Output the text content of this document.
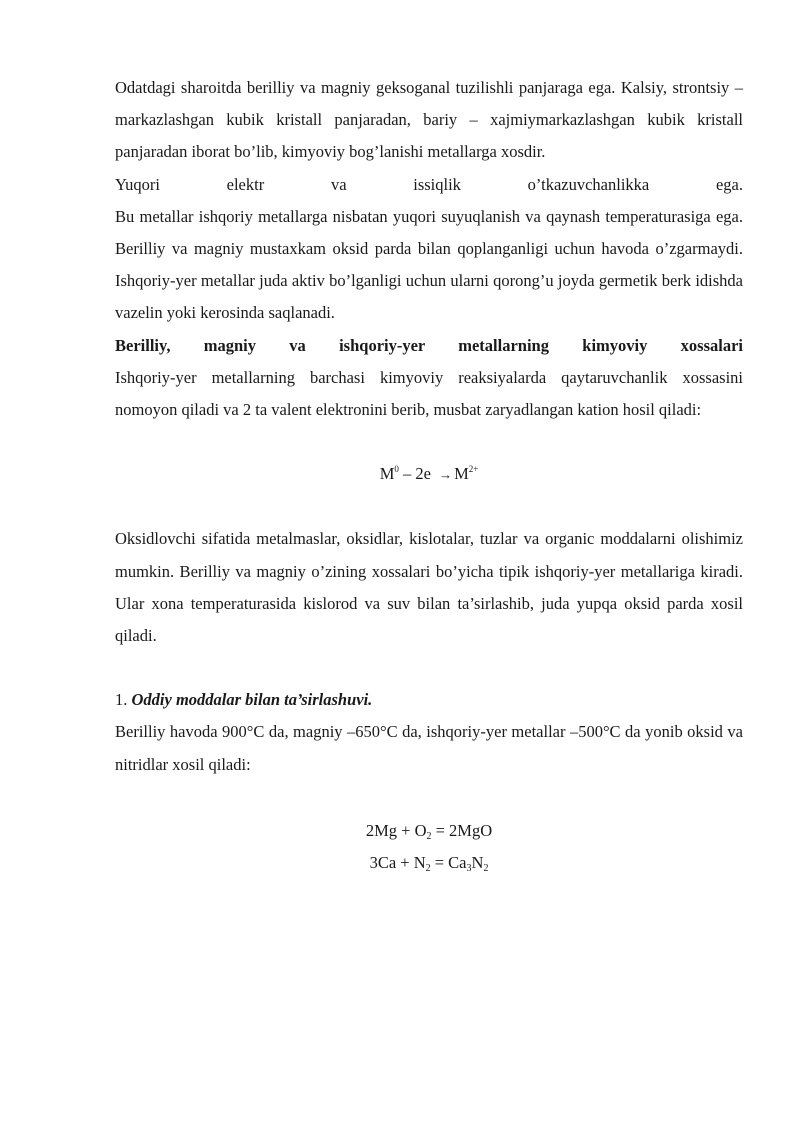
Odatdagi sharoitda berilliy va magniy geksoganal tuzilishli panjaraga ega. Kalsiy, strontsiy – markazlashgan kubik kristall panjaradan, bariy – xajmiymarkazlashgan kubik kristall panjaradan iborat bo’lib, kimyoviy bog’lanishi metallarga xosdir.

Yuqori elektr va issiqlik o’tkazuvchanlikka ega.

Bu metallar ishqoriy metallarga nisbatan yuqori suyuqlanish va qaynash temperaturasiga ega. Berilliy va magniy mustaxkam oksid parda bilan qoplanganligi uchun havoda o’zgarmaydi. Ishqoriy-yer metallar juda aktiv bo’lganligi uchun ularni qorong’u joyda germetik berk idishda vazelin yoki kerosinda saqlanadi.

Berilliy, magniy va ishqoriy-yer metallarning kimyoviy xossalari

Ishqoriy-yer metallarning barchasi kimyoviy reaksiyalarda qaytaruvchanlik xossasini nomoyon qiladi va 2 ta valent elektronini berib, musbat zaryadlangan kation hosil qiladi:

$M^0 - 2e \to M^{2+}$

Oksidlovchi sifatida metalmaslar, oksidlar, kislotalar, tuzlar va organic moddalarni olishimiz mumkin. Berilliy va magniy o’zining xossalari bo’yicha tipik ishqoriy-yer metallariga kiradi. Ular xona temperaturasida kislorod va suv bilan ta’sirlashib, juda yupqa oksid parda xosil qiladi.

1. Oddiy moddalar bilan ta’sirlashuvi.

Berilliy havoda 900°C da, magniy –650°C da, ishqoriy-yer metallar –500°C da yonib oksid va nitridlar xosil qiladi:

$2Mg + O_2 = 2MgO$

$3Ca + N_2 = Ca_3N_2$
